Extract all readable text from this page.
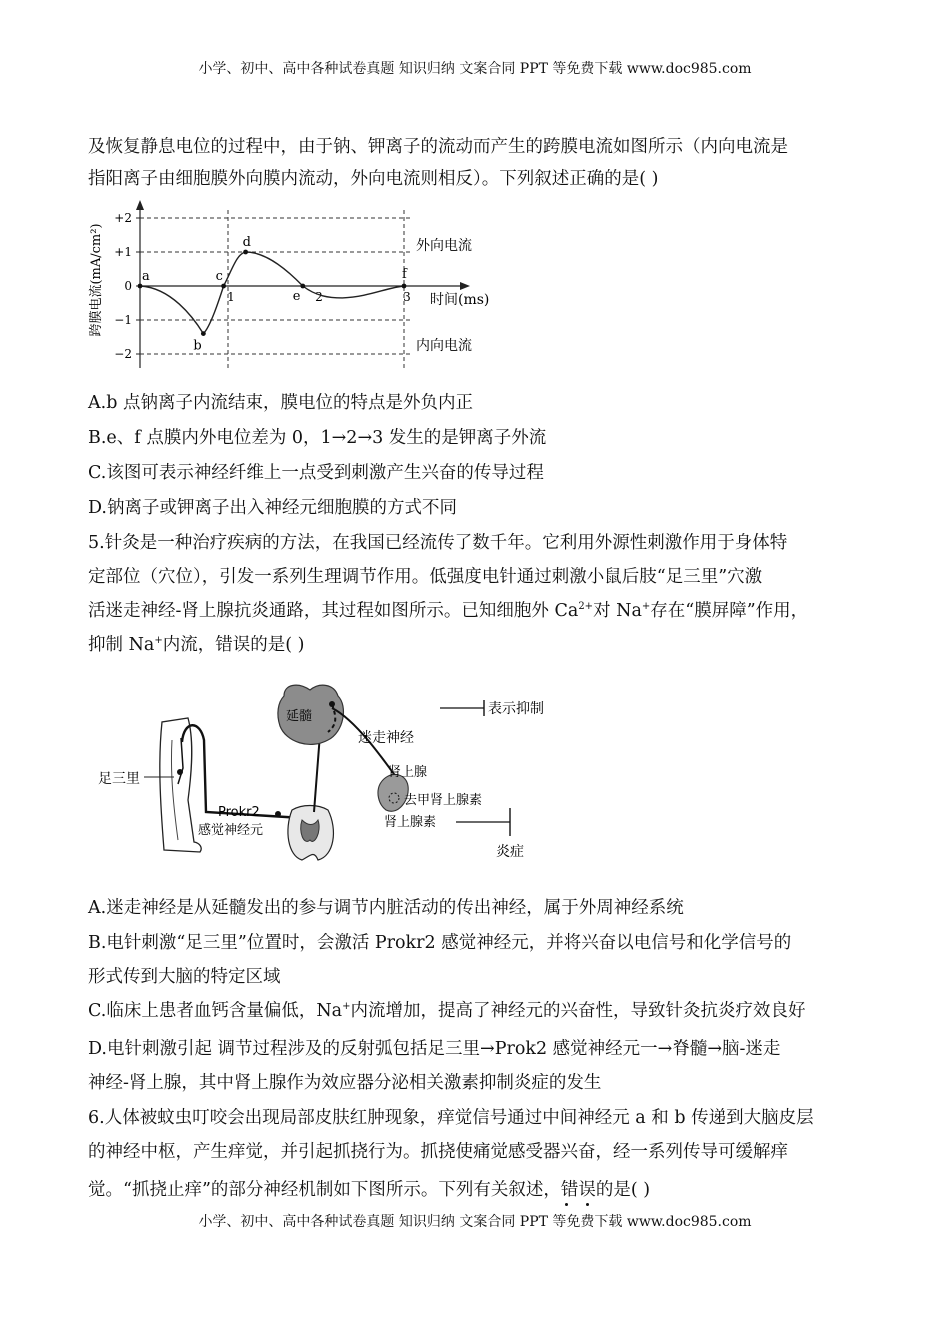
小学、初中、高中各种试卷真题 知识归纳 文案合同 PPT 等免费下载 www.doc985.com
及恢复静息电位的过程中，由于钠、钾离子的流动而产生的跨膜电流如图所示（内向电流是
指阳离子由细胞膜外向膜内流动，外向电流则相反）。下列叙述正确的是( )
跨膜电流(mA/cm²)
+2
+1
0
−1
−2
1	2	3
a
b
c
d
e
f
外向电流
时间(ms)
内向电流
A.b 点钠离子内流结束，膜电位的特点是外负内正
B.e、f 点膜内外电位差为 0，1→2→3 发生的是钾离子外流
C.该图可表示神经纤维上一点受到刺激产生兴奋的传导过程
D.钠离子或钾离子出入神经元细胞膜的方式不同
5.针灸是一种治疗疾病的方法，在我国已经流传了数千年。它利用外源性刺激作用于身体特
定部位（穴位），引发一系列生理调节作用。低强度电针通过刺激小鼠后肢“足三里”穴激
活迷走神经-肾上腺抗炎通路，其过程如图所示。已知细胞外 $Ca^{2+}$对 Na+存在“膜屏障”作用，
抑制 Na+内流，错误的是( )
足三里
Prokr2
感觉神经元
延髓
迷走神经
肾上腺
去甲肾上腺素
肾上腺素
炎症
表示抑制
A.迷走神经是从延髓发出的参与调节内脏活动的传出神经，属于外周神经系统
B.电针刺激“足三里”位置时，会激活 Prokr2 感觉神经元，并将兴奋以电信号和化学信号的
形式传到大脑的特定区域
C.临床上患者血钙含量偏低，Na+内流增加，提高了神经元的兴奋性，导致针灸抗炎疗效良好
D.电针刺激引起 调节过程涉及的反射弧包括足三里→Prok2 感觉神经元一→脊髓→脑-迷走
神经-肾上腺，其中肾上腺作为效应器分泌相关激素抑制炎症的发生
6.人体被蚊虫叮咬会出现局部皮肤红肿现象，痒觉信号通过中间神经元 a 和 b 传递到大脑皮层
的神经中枢，产生痒觉，并引起抓挠行为。抓挠使痛觉感受器兴奋，经一系列传导可缓解痒
觉。“抓挠止痒”的部分神经机制如下图所示。下列有关叙述，错误的是( )
小学、初中、高中各种试卷真题 知识归纳 文案合同 PPT 等免费下载 www.doc985.com
